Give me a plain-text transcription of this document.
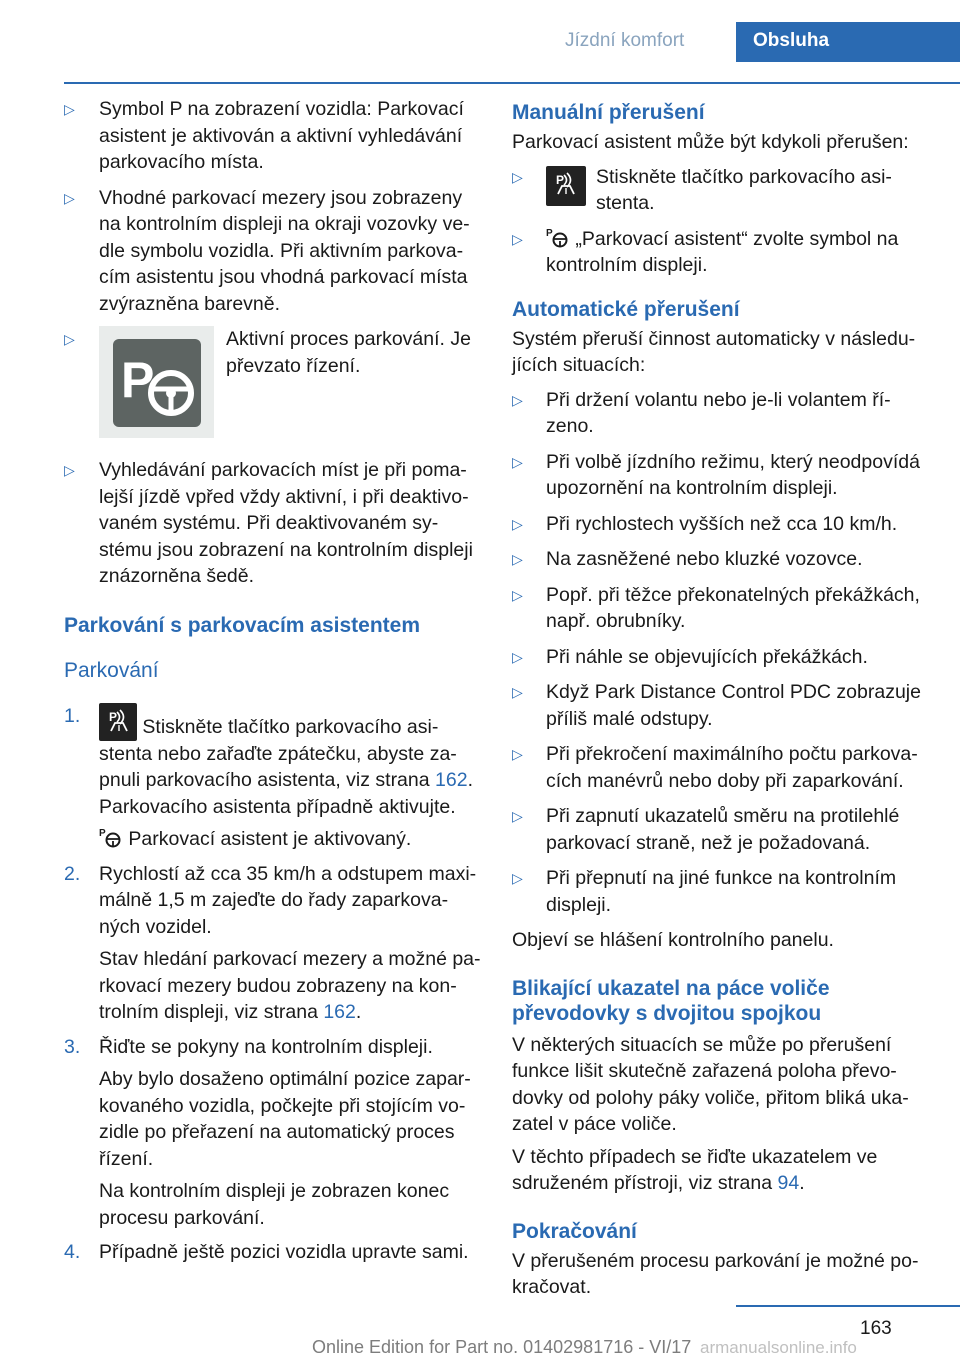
Jízdní komfort	Obsluha
▷ Symbol P na zobrazení vozidla: Parkovací asistent je aktivován a aktivní vyhledávání parkovacího místa.
▷ Vhodné parkovací mezery jsou zobrazeny na kontrolním displeji na okraji vozovky ve-dle symbolu vozidla. Při aktivním parkova-cím asistentu jsou vhodná parkovací místa zvýrazněna barevně.
▷
P
Aktivní proces parkování. Je převzato řízení.
▷ Vyhledávání parkovacích míst je při poma-lejší jízdě vpřed vždy aktivní, i při deaktivo-vaném systému. Při deaktivovaném sy-stému jsou zobrazení na kontrolním displeji znázorněna šedě.
Parkování s parkovacím asistentem
Parkování
1. P Stiskněte tlačítko parkovacího asi-stenta nebo zařaďte zpátečku, abyste za-pnuli parkovacího asistenta, viz strana 162. Parkovacího asistenta případně aktivujte.

P Parkovací asistent je aktivovaný.

2. Rychlostí až cca 35 km/h a odstupem maxi-málně 1,5 m zajeďte do řady zaparkova-ných vozidel.

Stav hledání parkovací mezery a možné pa-rkovací mezery budou zobrazeny na kon-trolním displeji, viz strana 162.

3. Řiďte se pokyny na kontrolním displeji.

Aby bylo dosaženo optimální pozice zapar-kovaného vozidla, počkejte při stojícím vo-zidle po přeřazení na automatický proces řízení.

Na kontrolním displeji je zobrazen konec procesu parkování.

4. Případně ještě pozici vozidla upravte sami.

Manuální přerušení

Parkovací asistent může být kdykoli přerušen:

▷	P Stiskněte tlačítko parkovacího asi-stenta.
▷ P „Parkovací asistent“ zvolte symbol na kontrolním displeji.
Automatické přerušení

Systém přeruší činnost automaticky v následu-jících situacích:

▷ Při držení volantu nebo je-li volantem ří-zeno.
▷ Při volbě jízdního režimu, který neodpovídá upozornění na kontrolním displeji.
▷ Při rychlostech vyšších než cca 10 km/h.
▷ Na zasněžené nebo kluzké vozovce.
▷ Popř. při těžce překonatelných překážkách, např. obrubníky.
▷ Při náhle se objevujících překážkách.
▷ Když Park Distance Control PDC zobrazuje příliš malé odstupy.
▷ Při překročení maximálního počtu parkova-cích manévrů nebo doby při zaparkování.
▷ Při zapnutí ukazatelů směru na protilehlé parkovací straně, než je požadovaná.
▷ Při přepnutí na jiné funkce na kontrolním displeji.

Objeví se hlášení kontrolního panelu.

Blikající ukazatel na páce voliče převodovky s dvojitou spojkou

V některých situacích se může po přerušení funkce lišit skutečně zařazená poloha převo-dovky od polohy páky voliče, přitom bliká uka-zatel v páce voliče.

V těchto případech se řiďte ukazatelem ve sdruženém přístroji, viz strana 94.

Pokračování

V přerušeném procesu parkování je možné po-kračovat.

163
Online Edition for Part no. 01402981716 - VI/17 armanualsonline.info
